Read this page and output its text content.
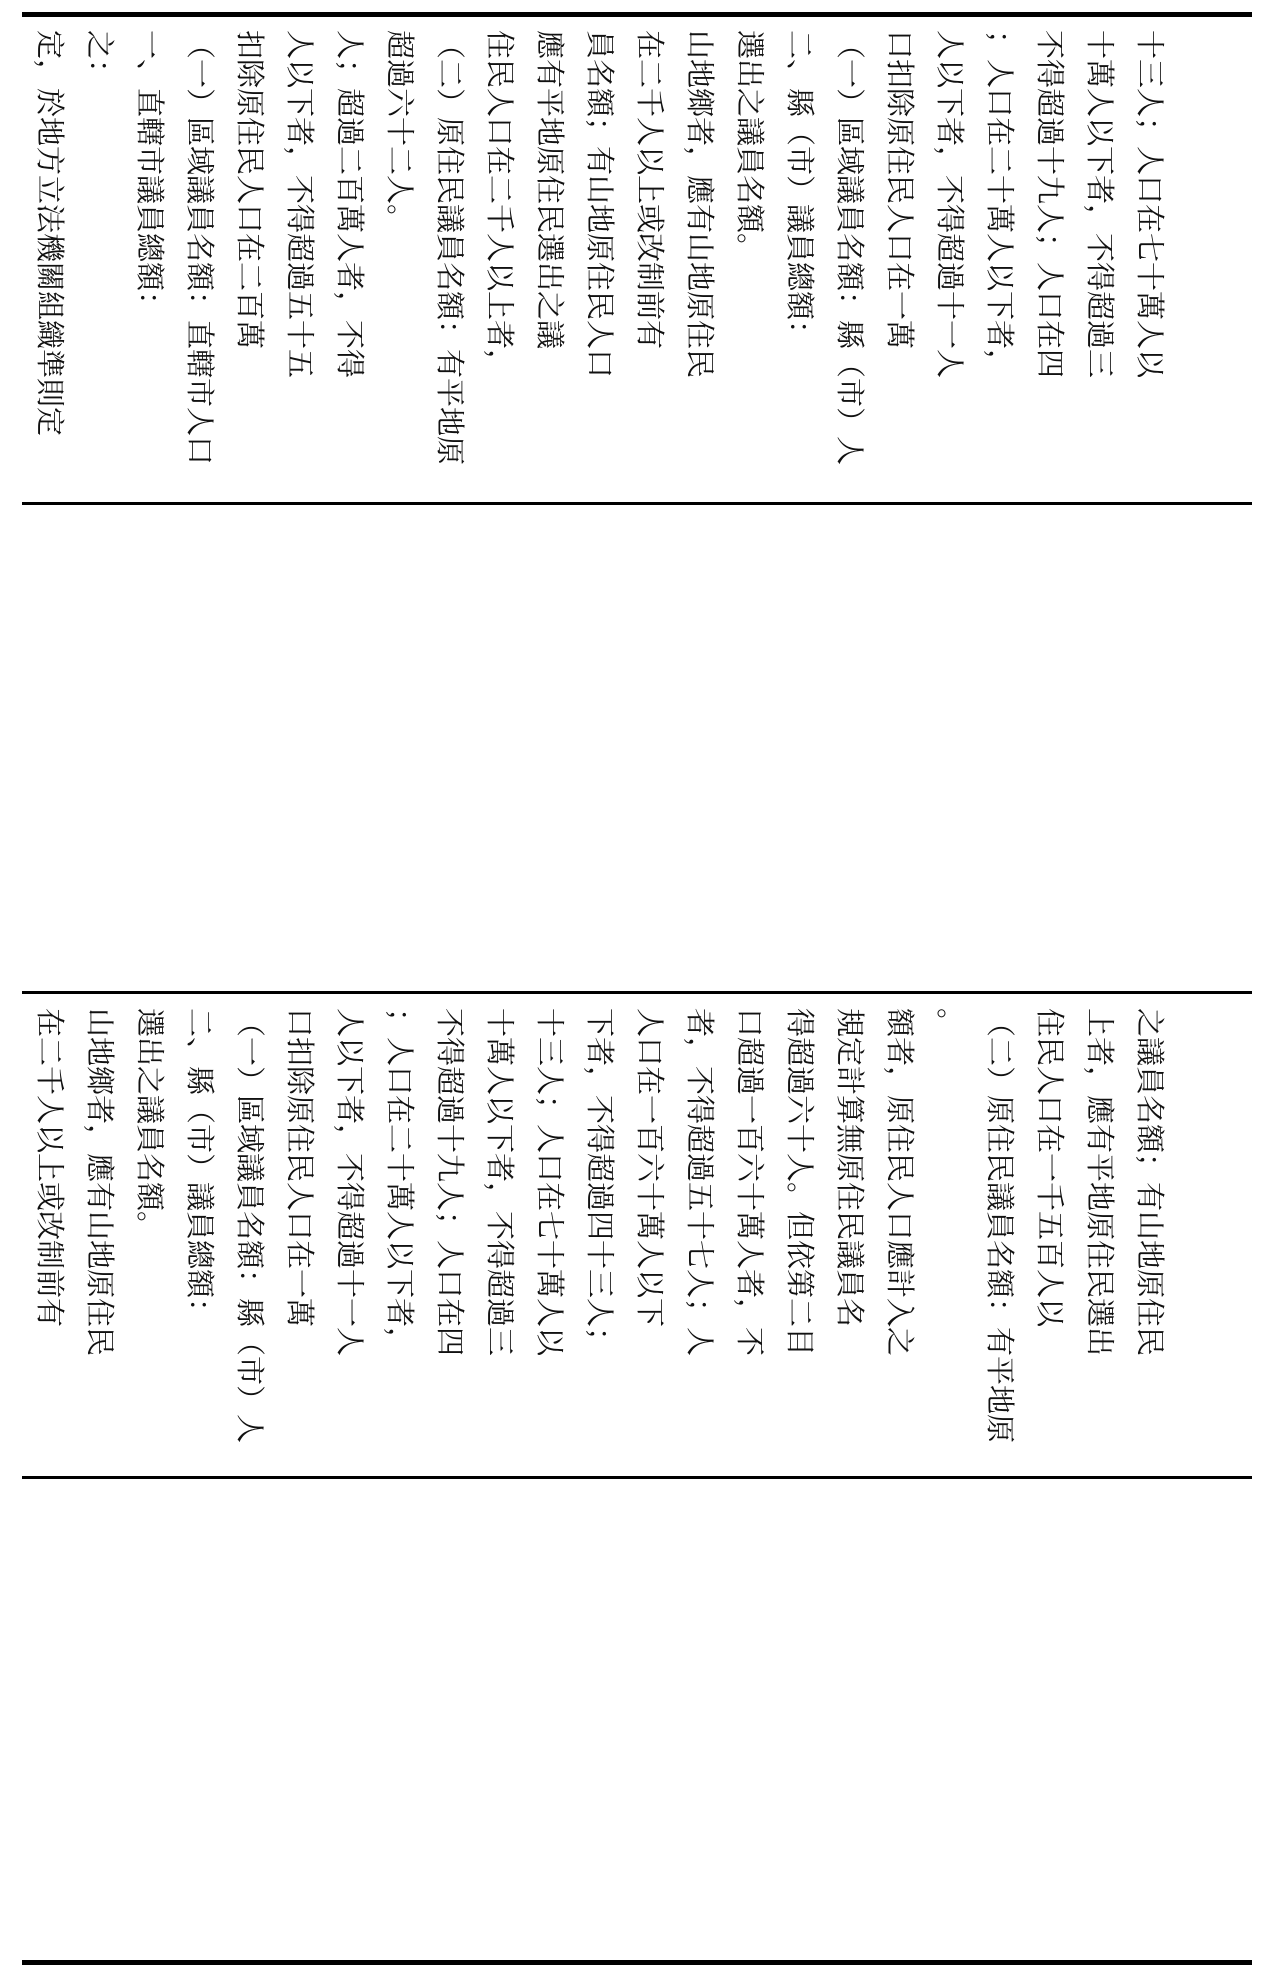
定，於地方立法機關組織準則定 之： 一、直轄市議員總額： （一）區域議員名額：直轄市人口 扣除原住民人口在二百萬 人以下者，不得超過五十五 人；超過二百萬人者，不得 超過六十二人。 （二）原住民議員名額：有平地原 住民人口在二千人以上者， 應有平地原住民選出之議 員名額；有山地原住民人口 在二千人以上或改制前有 山地鄉者，應有山地原住民 選出之議員名額。 二、縣（市）議員總額： （一）區域議員名額：縣（市）人 口扣除原住民人口在一萬 人以下者，不得超過十一人 ；人口在二十萬人以下者， 不得超過十九人；人口在四 十萬人以下者，不得超過三 十三人；人口在七十萬人以
在二千人以上或改制前有 山地鄉者，應有山地原住民 選出之議員名額。 二、縣（市）議員總額： （一）區域議員名額：縣（市）人 口扣除原住民人口在一萬 人以下者，不得超過十一人 ；人口在二十萬人以下者， 不得超過十九人；人口在四 十萬人以下者，不得超過三 十三人；人口在七十萬人以 下者，不得超過四十三人； 人口在一百六十萬人以下 者，不得超過五十七人；人 口超過一百六十萬人者，不 得超過六十人。但依第二目 規定計算無原住民議員名 額者，原住民人口應計入之 。 （二）原住民議員名額：有平地原 住民人口在一千五百人以 上者，應有平地原住民選出 之議員名額；有山地原住民
